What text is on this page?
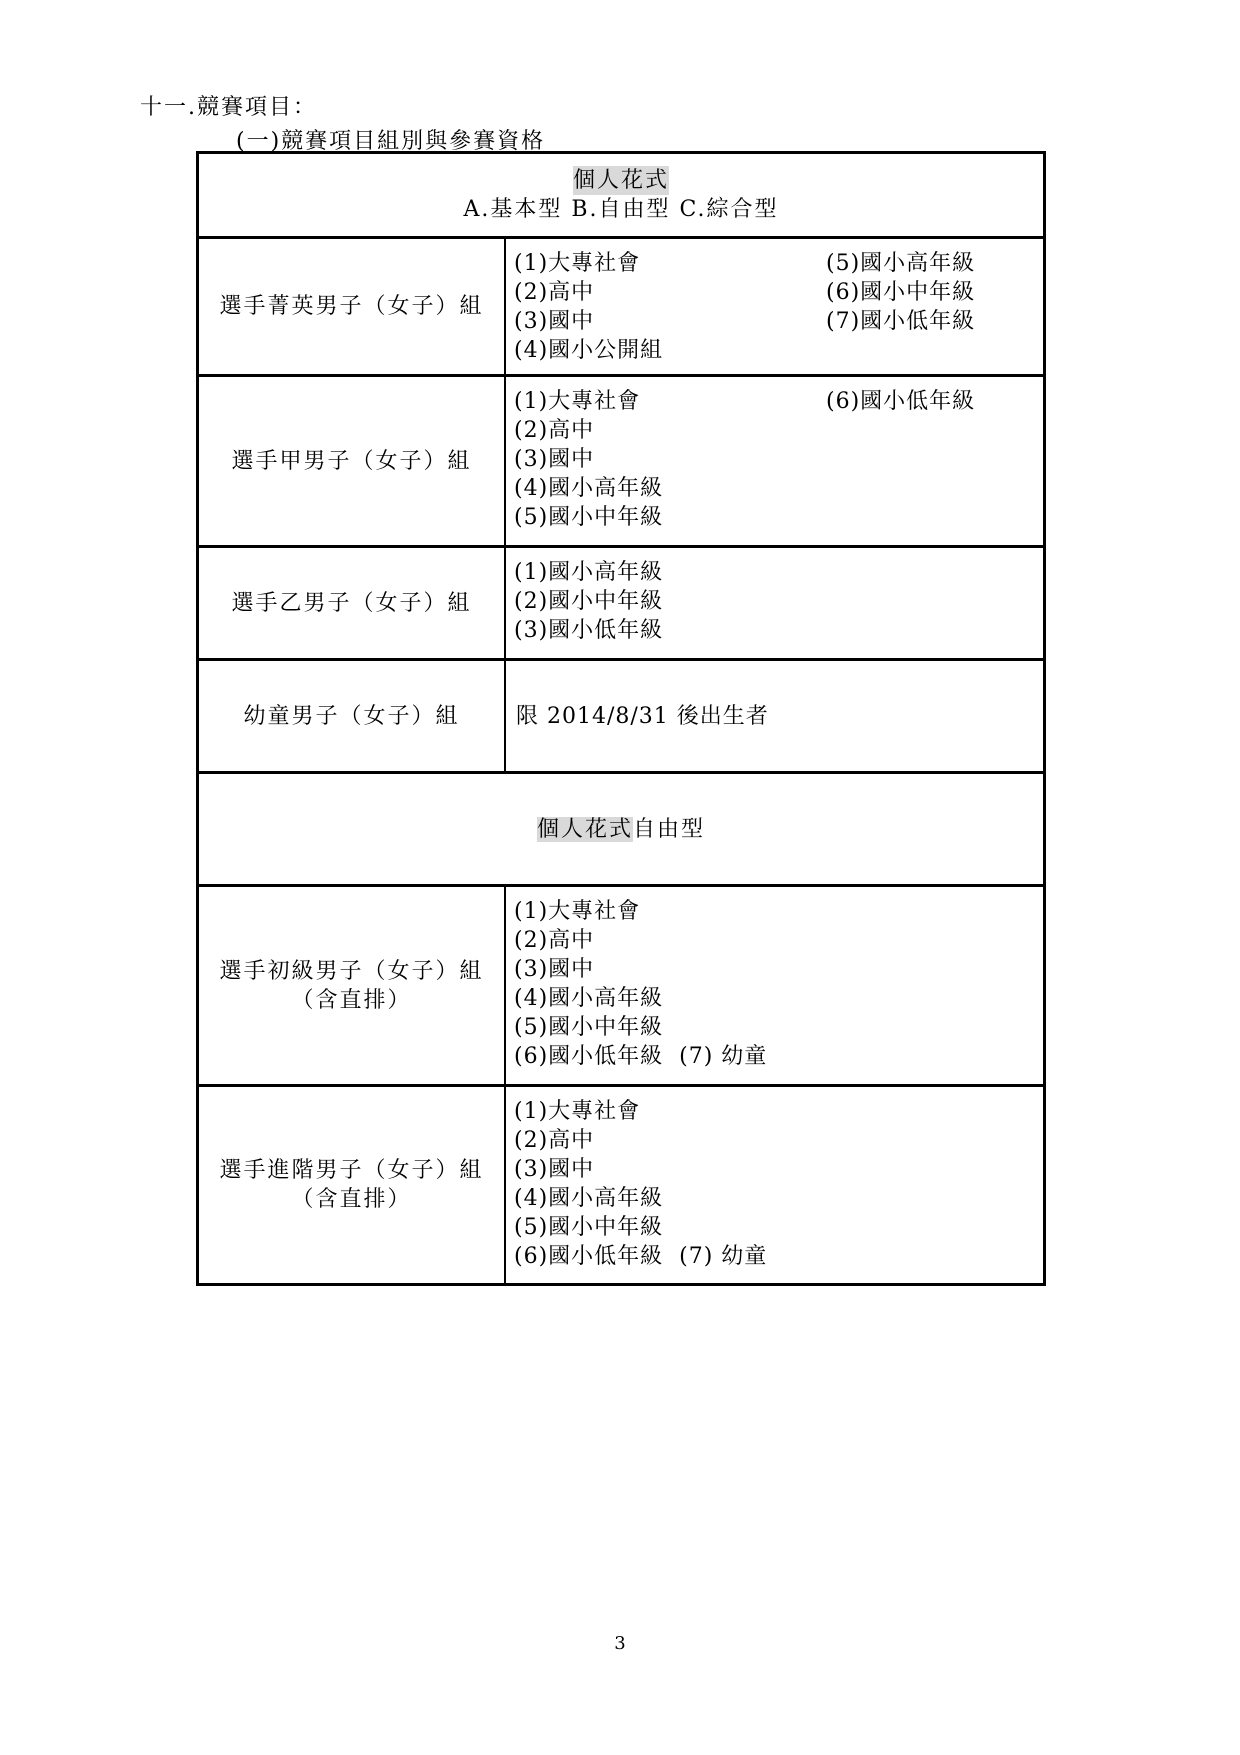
十一.競賽項目：
(一)競賽項目組別與參賽資格
個人花式
A.基本型 B.自由型 C.綜合型
選手菁英男子（女子）組
(1)大專社會
(2)高中
(3)國中
(4)國小公開組
(5)國小高年級
(6)國小中年級
(7)國小低年級
選手甲男子（女子）組
(1)大專社會
(2)高中
(3)國中
(4)國小高年級
(5)國小中年級
(6)國小低年級
選手乙男子（女子）組
(1)國小高年級
(2)國小中年級
(3)國小低年級
幼童男子（女子）組	限 2014/8/31 後出生者
個人花式自由型
選手初級男子（女子）組
（含直排）
(1)大專社會
(2)高中
(3)國中
(4)國小高年級
(5)國小中年級
(6)國小低年級  (7) 幼童
選手進階男子（女子）組
（含直排）
(1)大專社會
(2)高中
(3)國中
(4)國小高年級
(5)國小中年級
(6)國小低年級  (7) 幼童
3
